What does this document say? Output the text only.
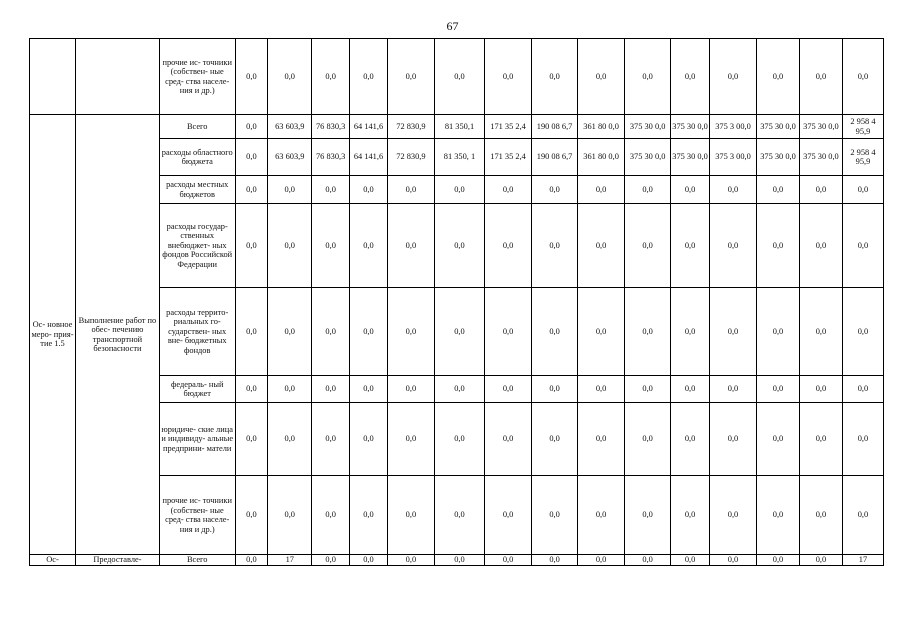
67
		прочие ис- точники (собствен- ные сред- ства населе- ния и др.)	0,0	0,0	0,0	0,0	0,0	0,0	0,0	0,0	0,0	0,0	0,0	0,0	0,0	0,0	0,0
Ос- новное меро- прия- тие 1.5	Выполнение работ по обес- печению транспортной безопасности	Всего	0,0	63 603,9	76 830,3	64 141,6	72 830,9	81 350,1	171 35 2,4	190 08 6,7	361 80 0,0	375 30 0,0	375 30 0,0	375 3 00,0	375 30 0,0	375 30 0,0	2 958 4 95,9
		расходы областного бюджета	0,0	63 603,9	76 830,3	64 141,6	72 830,9	81 350, 1	171 35 2,4	190 08 6,7	361 80 0,0	375 30 0,0	375 30 0,0	375 3 00,0	375 30 0,0	375 30 0,0	2 958 4 95,9
		расходы местных бюджетов	0,0	0,0	0,0	0,0	0,0	0,0	0,0	0,0	0,0	0,0	0,0	0,0	0,0	0,0	0,0
		расходы государ- ственных внебюджет- ных фондов Российской Федерации	0,0	0,0	0,0	0,0	0,0	0,0	0,0	0,0	0,0	0,0	0,0	0,0	0,0	0,0	0,0
		расходы террито- риальных го- сударствен- ных вне- бюджетных фондов	0,0	0,0	0,0	0,0	0,0	0,0	0,0	0,0	0,0	0,0	0,0	0,0	0,0	0,0	0,0
		федераль- ный бюджет	0,0	0,0	0,0	0,0	0,0	0,0	0,0	0,0	0,0	0,0	0,0	0,0	0,0	0,0	0,0
		юридиче- ские лица и индивиду- альные предприни- матели	0,0	0,0	0,0	0,0	0,0	0,0	0,0	0,0	0,0	0,0	0,0	0,0	0,0	0,0	0,0
		прочие ис- точники (собствен- ные сред- ства населе- ния и др.)	0,0	0,0	0,0	0,0	0,0	0,0	0,0	0,0	0,0	0,0	0,0	0,0	0,0	0,0	0,0
Ос-	Предоставле-	Всего	0,0	17	0,0	0,0	0,0	0,0	0,0	0,0	0,0	0,0	0,0	0,0	0,0	0,0	17
